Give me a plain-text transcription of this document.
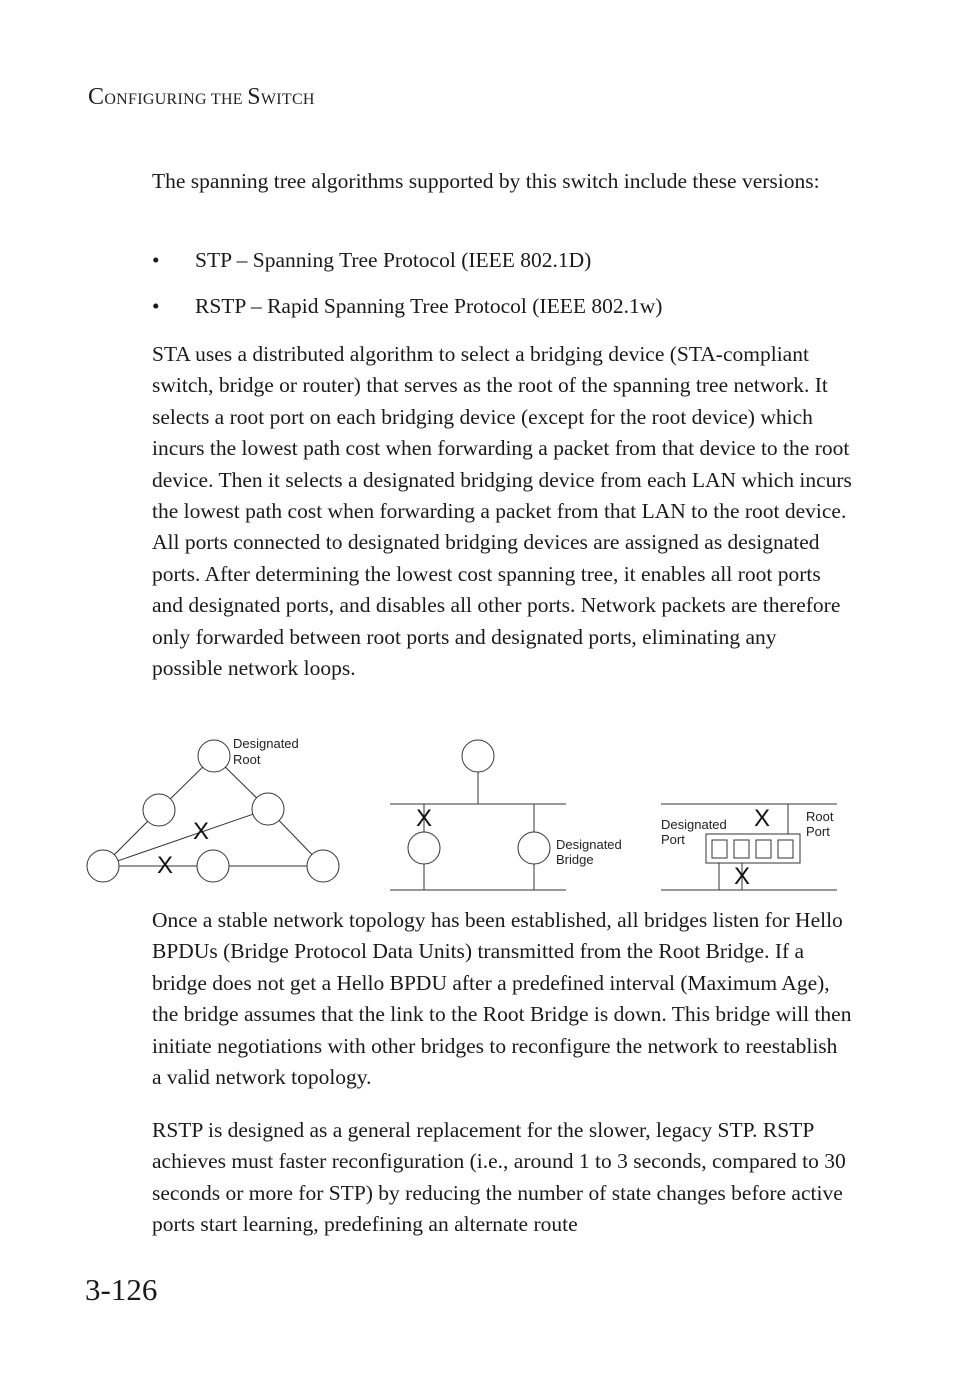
CONFIGURING THE SWITCH

The spanning tree algorithms supported by this switch include these versions:

• STP – Spanning Tree Protocol (IEEE 802.1D)
• RSTP – Rapid Spanning Tree Protocol (IEEE 802.1w)

STA uses a distributed algorithm to select a bridging device (STA-compliant switch, bridge or router) that serves as the root of the spanning tree network. It selects a root port on each bridging device (except for the root device) which incurs the lowest path cost when forwarding a packet from that device to the root device. Then it selects a designated bridging device from each LAN which incurs the lowest path cost when forwarding a packet from that LAN to the root device. All ports connected to designated bridging devices are assigned as designated ports. After determining the lowest cost spanning tree, it enables all root ports and designated ports, and disables all other ports. Network packets are therefore only forwarded between root ports and designated ports, eliminating any possible network loops.

X
X
X	X
X
Designated
Root
Designated
Bridge
Designated
Port
Root
Port

Once a stable network topology has been established, all bridges listen for Hello BPDUs (Bridge Protocol Data Units) transmitted from the Root Bridge. If a bridge does not get a Hello BPDU after a predefined interval (Maximum Age), the bridge assumes that the link to the Root Bridge is down. This bridge will then initiate negotiations with other bridges to reconfigure the network to reestablish a valid network topology.

RSTP is designed as a general replacement for the slower, legacy STP. RSTP achieves must faster reconfiguration (i.e., around 1 to 3 seconds, compared to 30 seconds or more for STP) by reducing the number of state changes before active ports start learning, predefining an alternate route

3-126
